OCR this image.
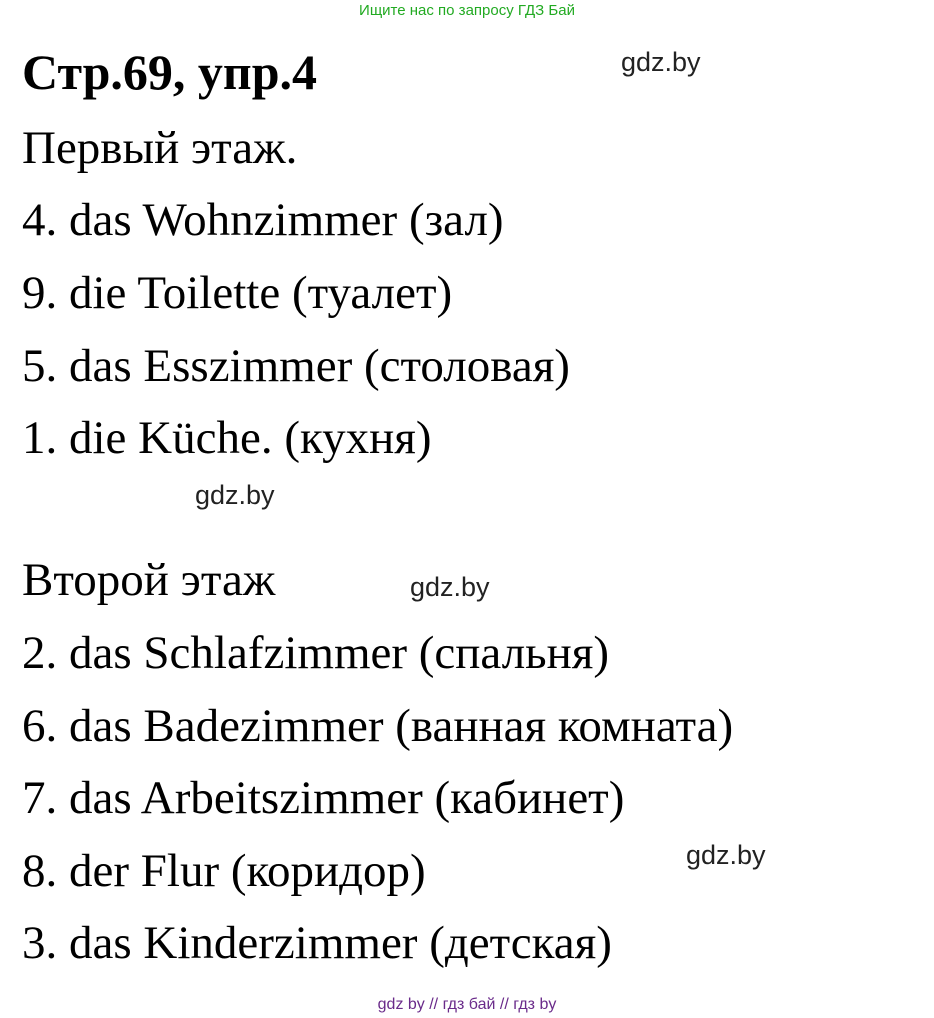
Ищите нас по запросу ГДЗ Бай
Стр.69, упр.4	gdz.by
Первый этаж.
4. das Wohnzimmer (зал)
9. die Toilette (туалет)
5. das Esszimmer (столовая)
1. die Küche. (кухня)
gdz.by
Второй этаж	gdz.by
2. das Schlafzimmer (спальня)
6. das Badezimmer (ванная комната)
7. das Arbeitszimmer (кабинет)
8. der Flur (коридор)	gdz.by
3. das Kinderzimmer (детская)
gdz by // гдз бай // гдз by
